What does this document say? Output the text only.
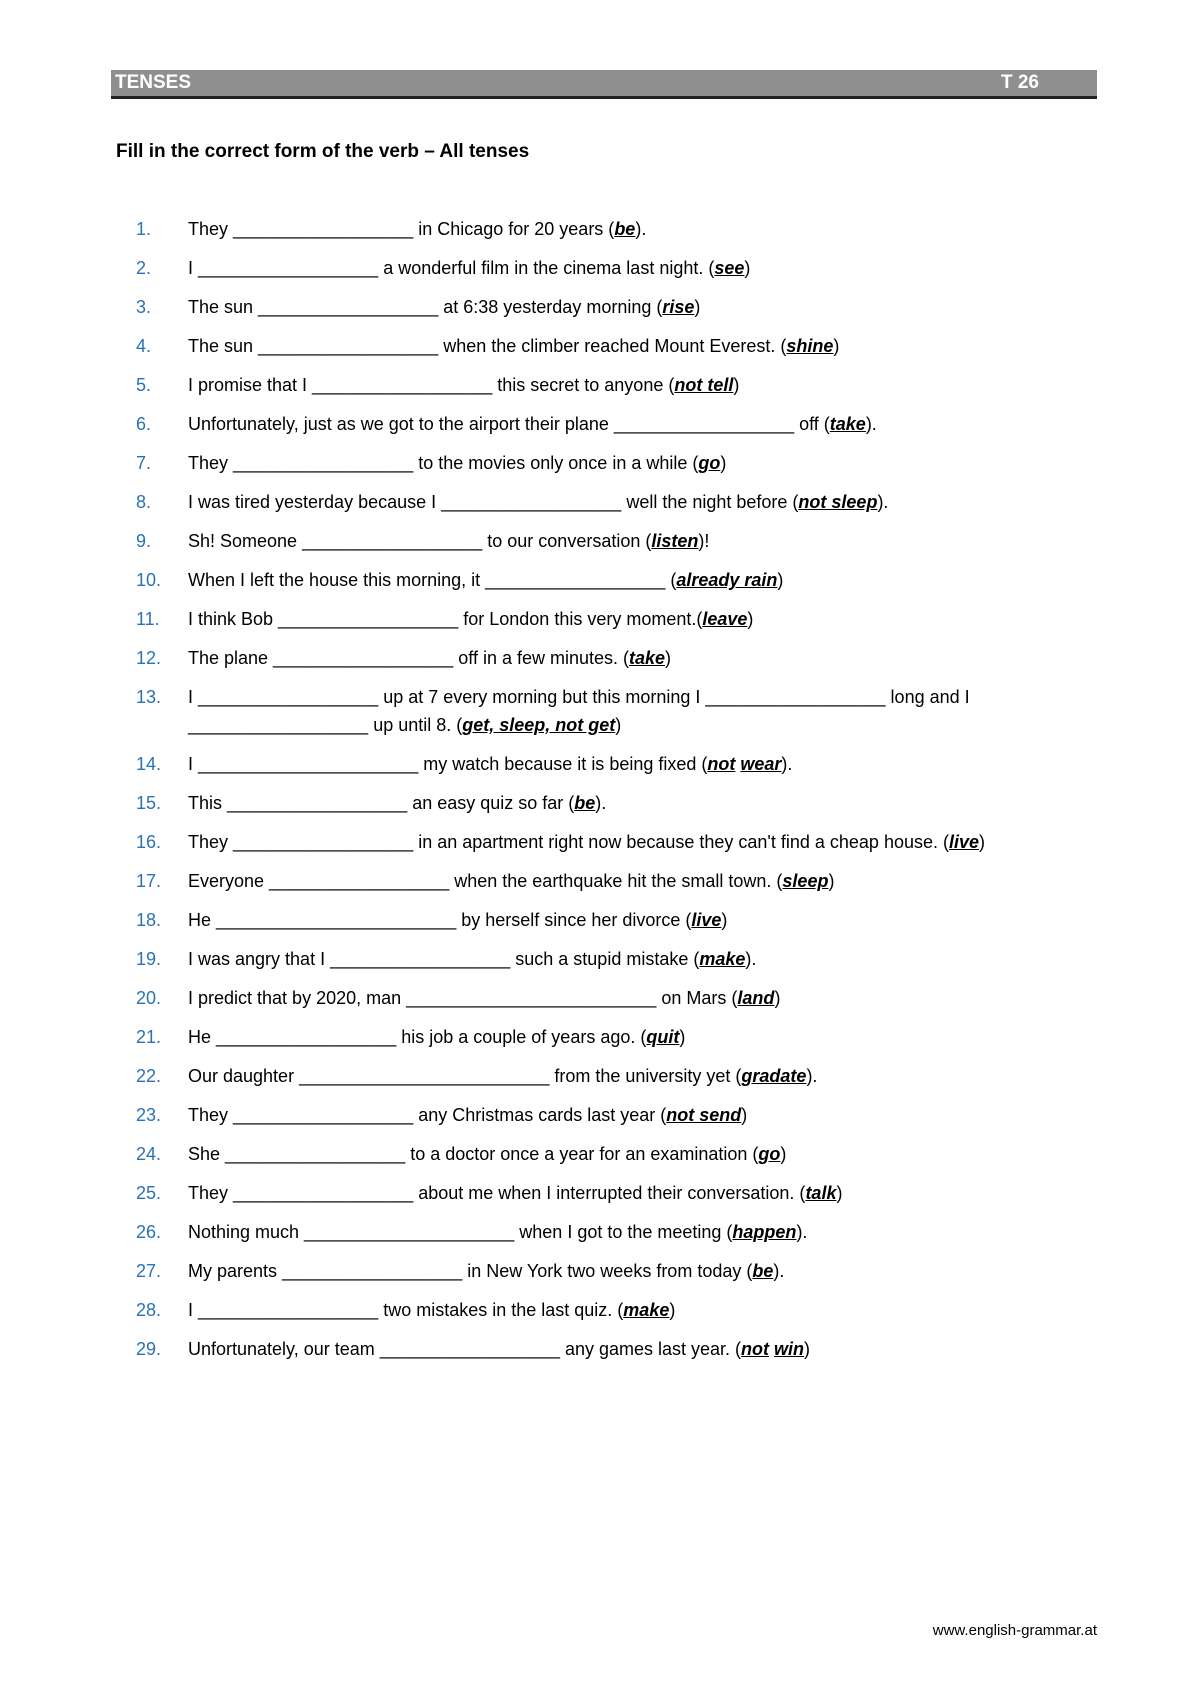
TENSES	T 26
Fill in the correct form of the verb – All tenses
1.	They __________________ in Chicago for 20 years (be).
2.	I __________________ a wonderful film in the cinema last night. (see)
3.	The sun __________________ at 6:38 yesterday morning (rise)
4.	The sun __________________ when the climber reached Mount Everest. (shine)
5.	I promise that I __________________ this secret to anyone (not tell)
6.	Unfortunately, just as we got to the airport their plane __________________ off (take).
7.	They __________________ to the movies only once in a while (go)
8.	I was tired yesterday because I __________________ well the night before (not sleep).
9.	Sh! Someone __________________ to our conversation (listen)!
10.	When I left the house this morning, it __________________ (already rain)
11.	I think Bob __________________ for London this very moment.(leave)
12.	The plane __________________ off in a few minutes. (take)
13.	I __________________ up at 7 every morning but this morning I __________________ long and I __________________ up until 8. (get, sleep, not get)
14.	I ______________________ my watch because it is being fixed (not wear).
15.	This __________________ an easy quiz so far (be).
16.	They __________________ in an apartment right now because they can't find a cheap house. (live)
17.	Everyone __________________ when the earthquake hit the small town. (sleep)
18.	He ________________________ by herself since her divorce (live)
19.	I was angry that I __________________ such a stupid mistake (make).
20.	I predict that by 2020, man _________________________ on Mars (land)
21.	He __________________ his job a couple of years ago. (quit)
22.	Our daughter _________________________ from the university yet (gradate).
23.	They __________________ any Christmas cards last year (not send)
24.	She __________________ to a doctor once a year for an examination (go)
25.	They __________________ about me when I interrupted their conversation. (talk)
26.	Nothing much _____________________ when I got to the meeting (happen).
27.	My parents __________________ in New York two weeks from today (be).
28.	I __________________ two mistakes in the last quiz. (make)
29.	Unfortunately, our team __________________ any games last year. (not win)
www.english-grammar.at
